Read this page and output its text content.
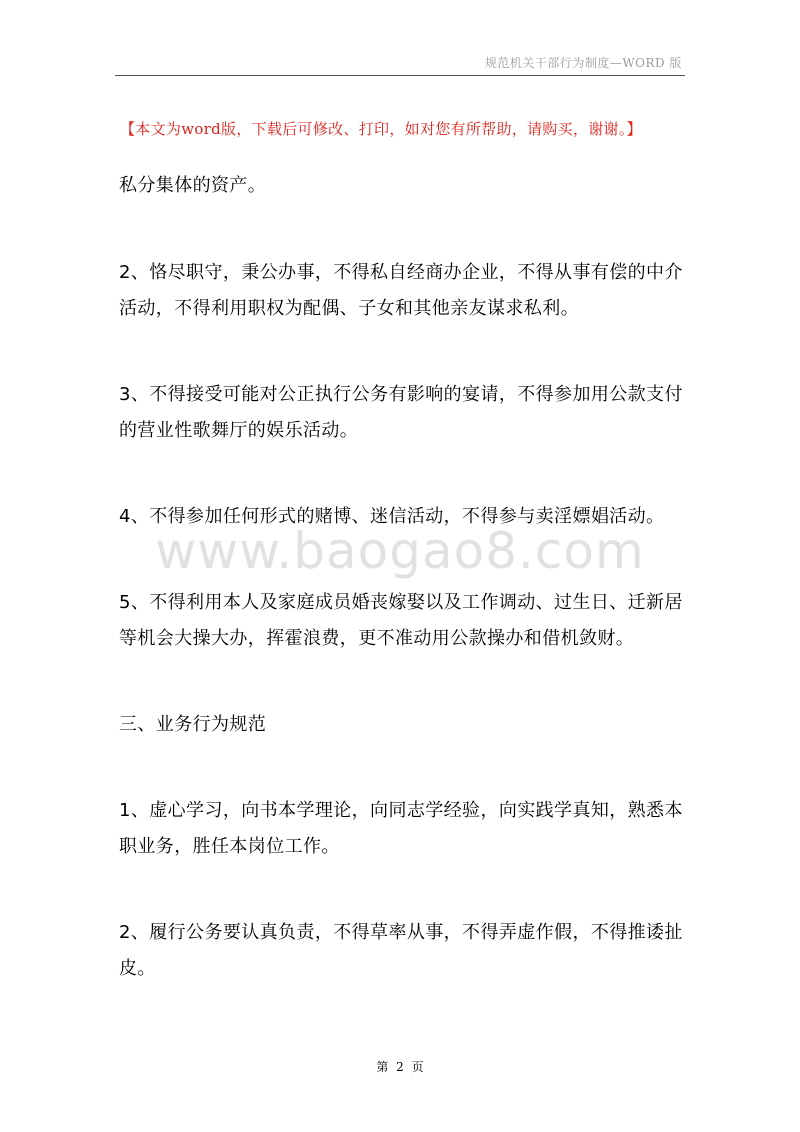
规范机关干部行为制度—WORD 版
【本文为word版，下载后可修改、打印，如对您有所帮助，请购买，谢谢。】

私分集体的资产。

2、恪尽职守，秉公办事，不得私自经商办企业，不得从事有偿的中介活动，不得利用职权为配偶、子女和其他亲友谋求私利。

3、不得接受可能对公正执行公务有影响的宴请，不得参加用公款支付的营业性歌舞厅的娱乐活动。

4、不得参加任何形式的赌博、迷信活动，不得参与卖淫嫖娼活动。

5、不得利用本人及家庭成员婚丧嫁娶以及工作调动、过生日、迁新居等机会大操大办，挥霍浪费，更不准动用公款操办和借机敛财。

三、业务行为规范

1、虚心学习，向书本学理论，向同志学经验，向实践学真知，熟悉本职业务，胜任本岗位工作。

2、履行公务要认真负责，不得草率从事，不得弄虚作假，不得推诿扯皮。

www.baogao8.com
第 2 页
